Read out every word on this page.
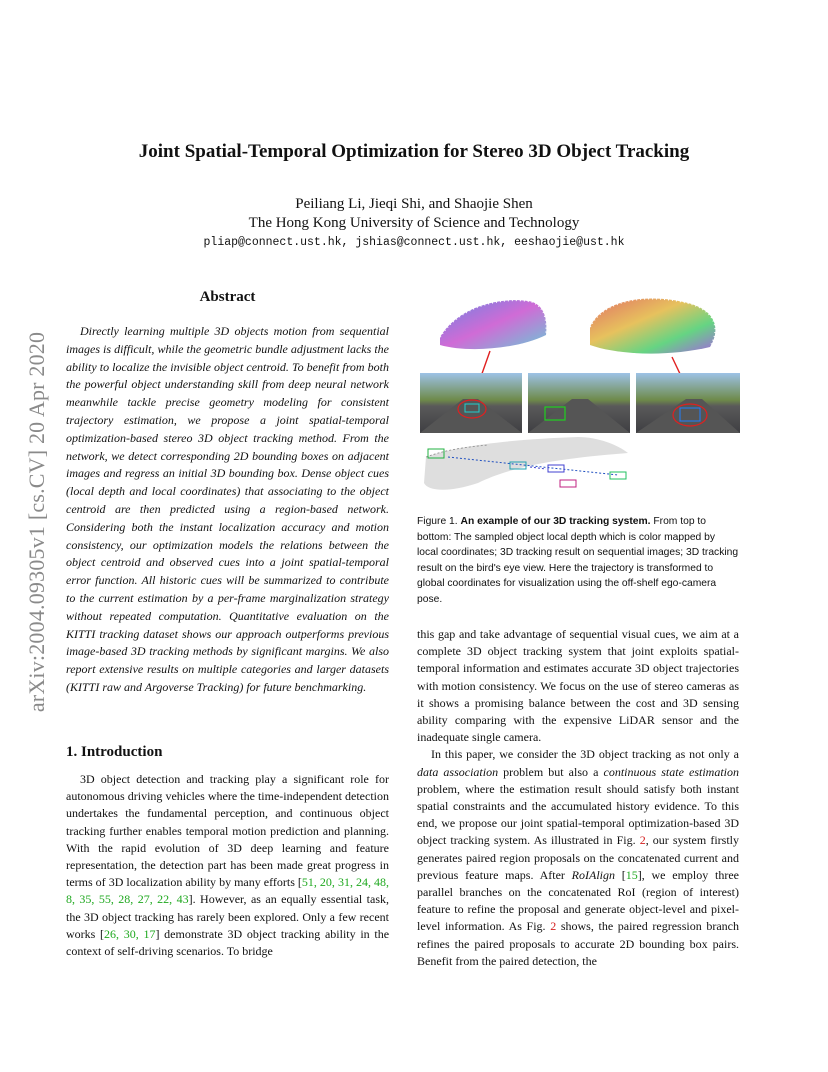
arXiv:2004.09305v1 [cs.CV] 20 Apr 2020
Joint Spatial-Temporal Optimization for Stereo 3D Object Tracking
Peiliang Li, Jieqi Shi, and Shaojie Shen
The Hong Kong University of Science and Technology
pliap@connect.ust.hk, jshias@connect.ust.hk, eeshaojie@ust.hk
Abstract
Directly learning multiple 3D objects motion from sequential images is difficult, while the geometric bundle adjustment lacks the ability to localize the invisible object centroid. To benefit from both the powerful object understanding skill from deep neural network meanwhile tackle precise geometry modeling for consistent trajectory estimation, we propose a joint spatial-temporal optimization-based stereo 3D object tracking method. From the network, we detect corresponding 2D bounding boxes on adjacent images and regress an initial 3D bounding box. Dense object cues (local depth and local coordinates) that associating to the object centroid are then predicted using a region-based network. Considering both the instant localization accuracy and motion consistency, our optimization models the relations between the object centroid and observed cues into a joint spatial-temporal error function. All historic cues will be summarized to contribute to the current estimation by a per-frame marginalization strategy without repeated computation. Quantitative evaluation on the KITTI tracking dataset shows our approach outperforms previous image-based 3D tracking methods by significant margins. We also report extensive results on multiple categories and larger datasets (KITTI raw and Argoverse Tracking) for future benchmarking.
1. Introduction

3D object detection and tracking play a significant role for autonomous driving vehicles where the time-independent detection undertakes the fundamental perception, and continuous object tracking further enables temporal motion prediction and planning. With the rapid evolution of 3D deep learning and feature representation, the detection part has been made great progress in terms of 3D localization ability by many efforts [51, 20, 31, 24, 48, 8, 35, 55, 28, 27, 22, 43]. However, as an equally essential task, the 3D object tracking has rarely been explored. Only a few recent works [26, 30, 17] demonstrate 3D object tracking ability in the context of self-driving scenarios. To bridge

Figure 1. An example of our 3D tracking system. From top to bottom: The sampled object local depth which is color mapped by local coordinates; 3D tracking result on sequential images; 3D tracking result on the bird's eye view. Here the trajectory is transformed to global coordinates for visualization using the off-shelf ego-camera pose.

this gap and take advantage of sequential visual cues, we aim at a complete 3D object tracking system that joint exploits spatial-temporal information and estimates accurate 3D object trajectories with motion consistency. We focus on the use of stereo cameras as it shows a promising balance between the cost and 3D sensing ability comparing with the expensive LiDAR sensor and the inadequate single camera.

In this paper, we consider the 3D object tracking as not only a data association problem but also a continuous state estimation problem, where the estimation result should satisfy both instant spatial constraints and the accumulated history evidence. To this end, we propose our joint spatial-temporal optimization-based 3D object tracking system. As illustrated in Fig. 2, our system firstly generates paired region proposals on the concatenated current and previous feature maps. After RoIAlign [15], we employ three parallel branches on the concatenated RoI (region of interest) feature to refine the proposal and generate object-level and pixel-level information. As Fig. 2 shows, the paired regression branch refines the paired proposals to accurate 2D bounding box pairs. Benefit from the paired detection, the
